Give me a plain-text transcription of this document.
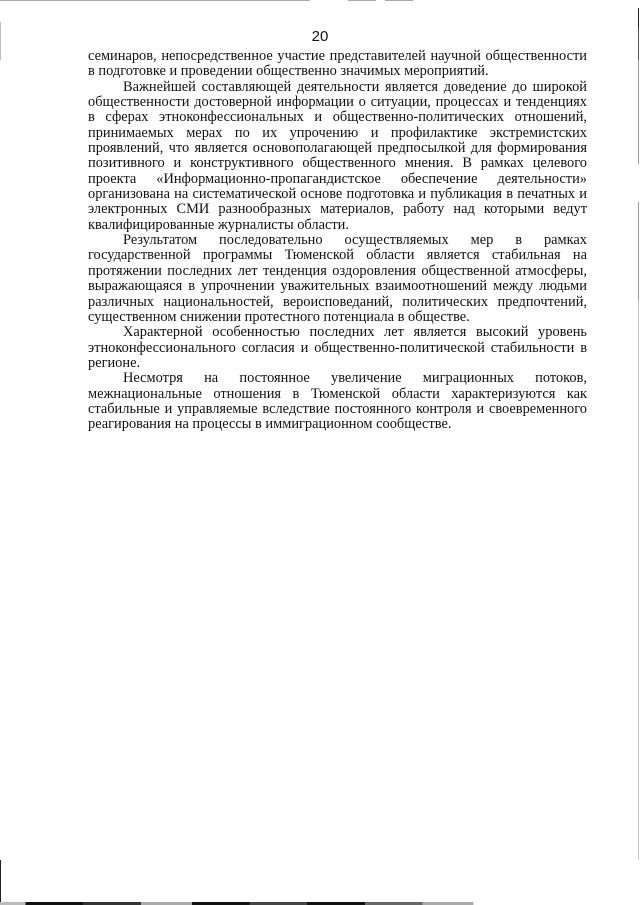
20

семинаров, непосредственное участие представителей научной общественности в подготовке и проведении общественно значимых мероприятий.

Важнейшей составляющей деятельности является доведение до широкой общественности достоверной информации о ситуации, процессах и тенденциях в сферах этноконфессиональных и общественно-политических отношений, принимаемых мерах по их упрочению и профилактике экстремистских проявлений, что является основополагающей предпосылкой для формирования позитивного и конструктивного общественного мнения. В рамках целевого проекта «Информационно-пропагандистское обеспечение деятельности» организована на систематической основе подготовка и публикация в печатных и электронных СМИ разнообразных материалов, работу над которыми ведут квалифицированные журналисты области.

Результатом последовательно осуществляемых мер в рамках государственной программы Тюменской области является стабильная на протяжении последних лет тенденция оздоровления общественной атмосферы, выражающаяся в упрочнении уважительных взаимоотношений между людьми различных национальностей, вероисповеданий, политических предпочтений, существенном снижении протестного потенциала в обществе.

Характерной особенностью последних лет является высокий уровень этноконфессионального согласия и общественно-политической стабильности в регионе.

Несмотря на постоянное увеличение миграционных потоков, межнациональные отношения в Тюменской области характеризуются как стабильные и управляемые вследствие постоянного контроля и своевременного реагирования на процессы в иммиграционном сообществе.
